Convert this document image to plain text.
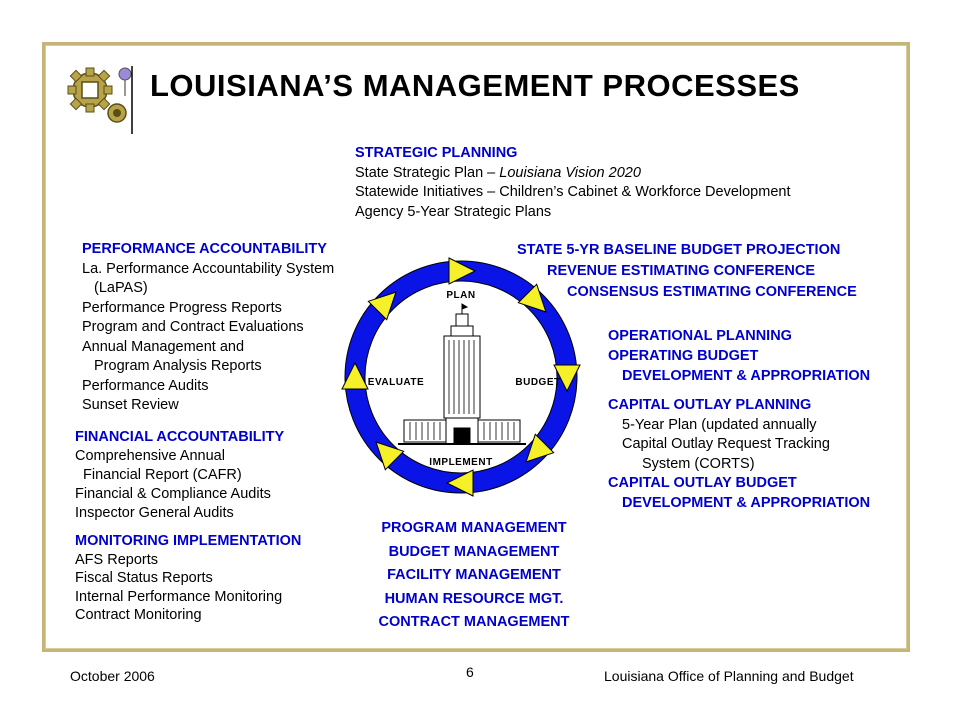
LOUISIANA’S MANAGEMENT PROCESSES
STRATEGIC PLANNING
State Strategic Plan – Louisiana Vision 2020
Statewide Initiatives – Children’s Cabinet & Workforce Development
Agency 5-Year Strategic Plans
STATE 5-YR BASELINE BUDGET PROJECTION
REVENUE ESTIMATING CONFERENCE
CONSENSUS ESTIMATING CONFERENCE
PERFORMANCE ACCOUNTABILITY
La. Performance Accountability System
(LaPAS)
Performance Progress Reports
Program and Contract Evaluations
Annual Management and
Program Analysis Reports
Performance Audits
Sunset Review
OPERATIONAL PLANNING
OPERATING BUDGET
DEVELOPMENT & APPROPRIATION
CAPITAL OUTLAY PLANNING
5-Year Plan (updated annually
Capital Outlay Request Tracking
System (CORTS)
CAPITAL OUTLAY BUDGET
DEVELOPMENT & APPROPRIATION
FINANCIAL ACCOUNTABILITY
Comprehensive Annual
Financial Report (CAFR)
Financial & Compliance Audits
Inspector General Audits
MONITORING IMPLEMENTATION
AFS Reports
Fiscal Status Reports
Internal Performance Monitoring
Contract Monitoring
PROGRAM MANAGEMENT
BUDGET MANAGEMENT
FACILITY MANAGEMENT
HUMAN RESOURCE MGT.
CONTRACT MANAGEMENT
PLAN
BUDGET
IMPLEMENT
EVALUATE
October 2006	6	Louisiana Office of Planning and Budget
